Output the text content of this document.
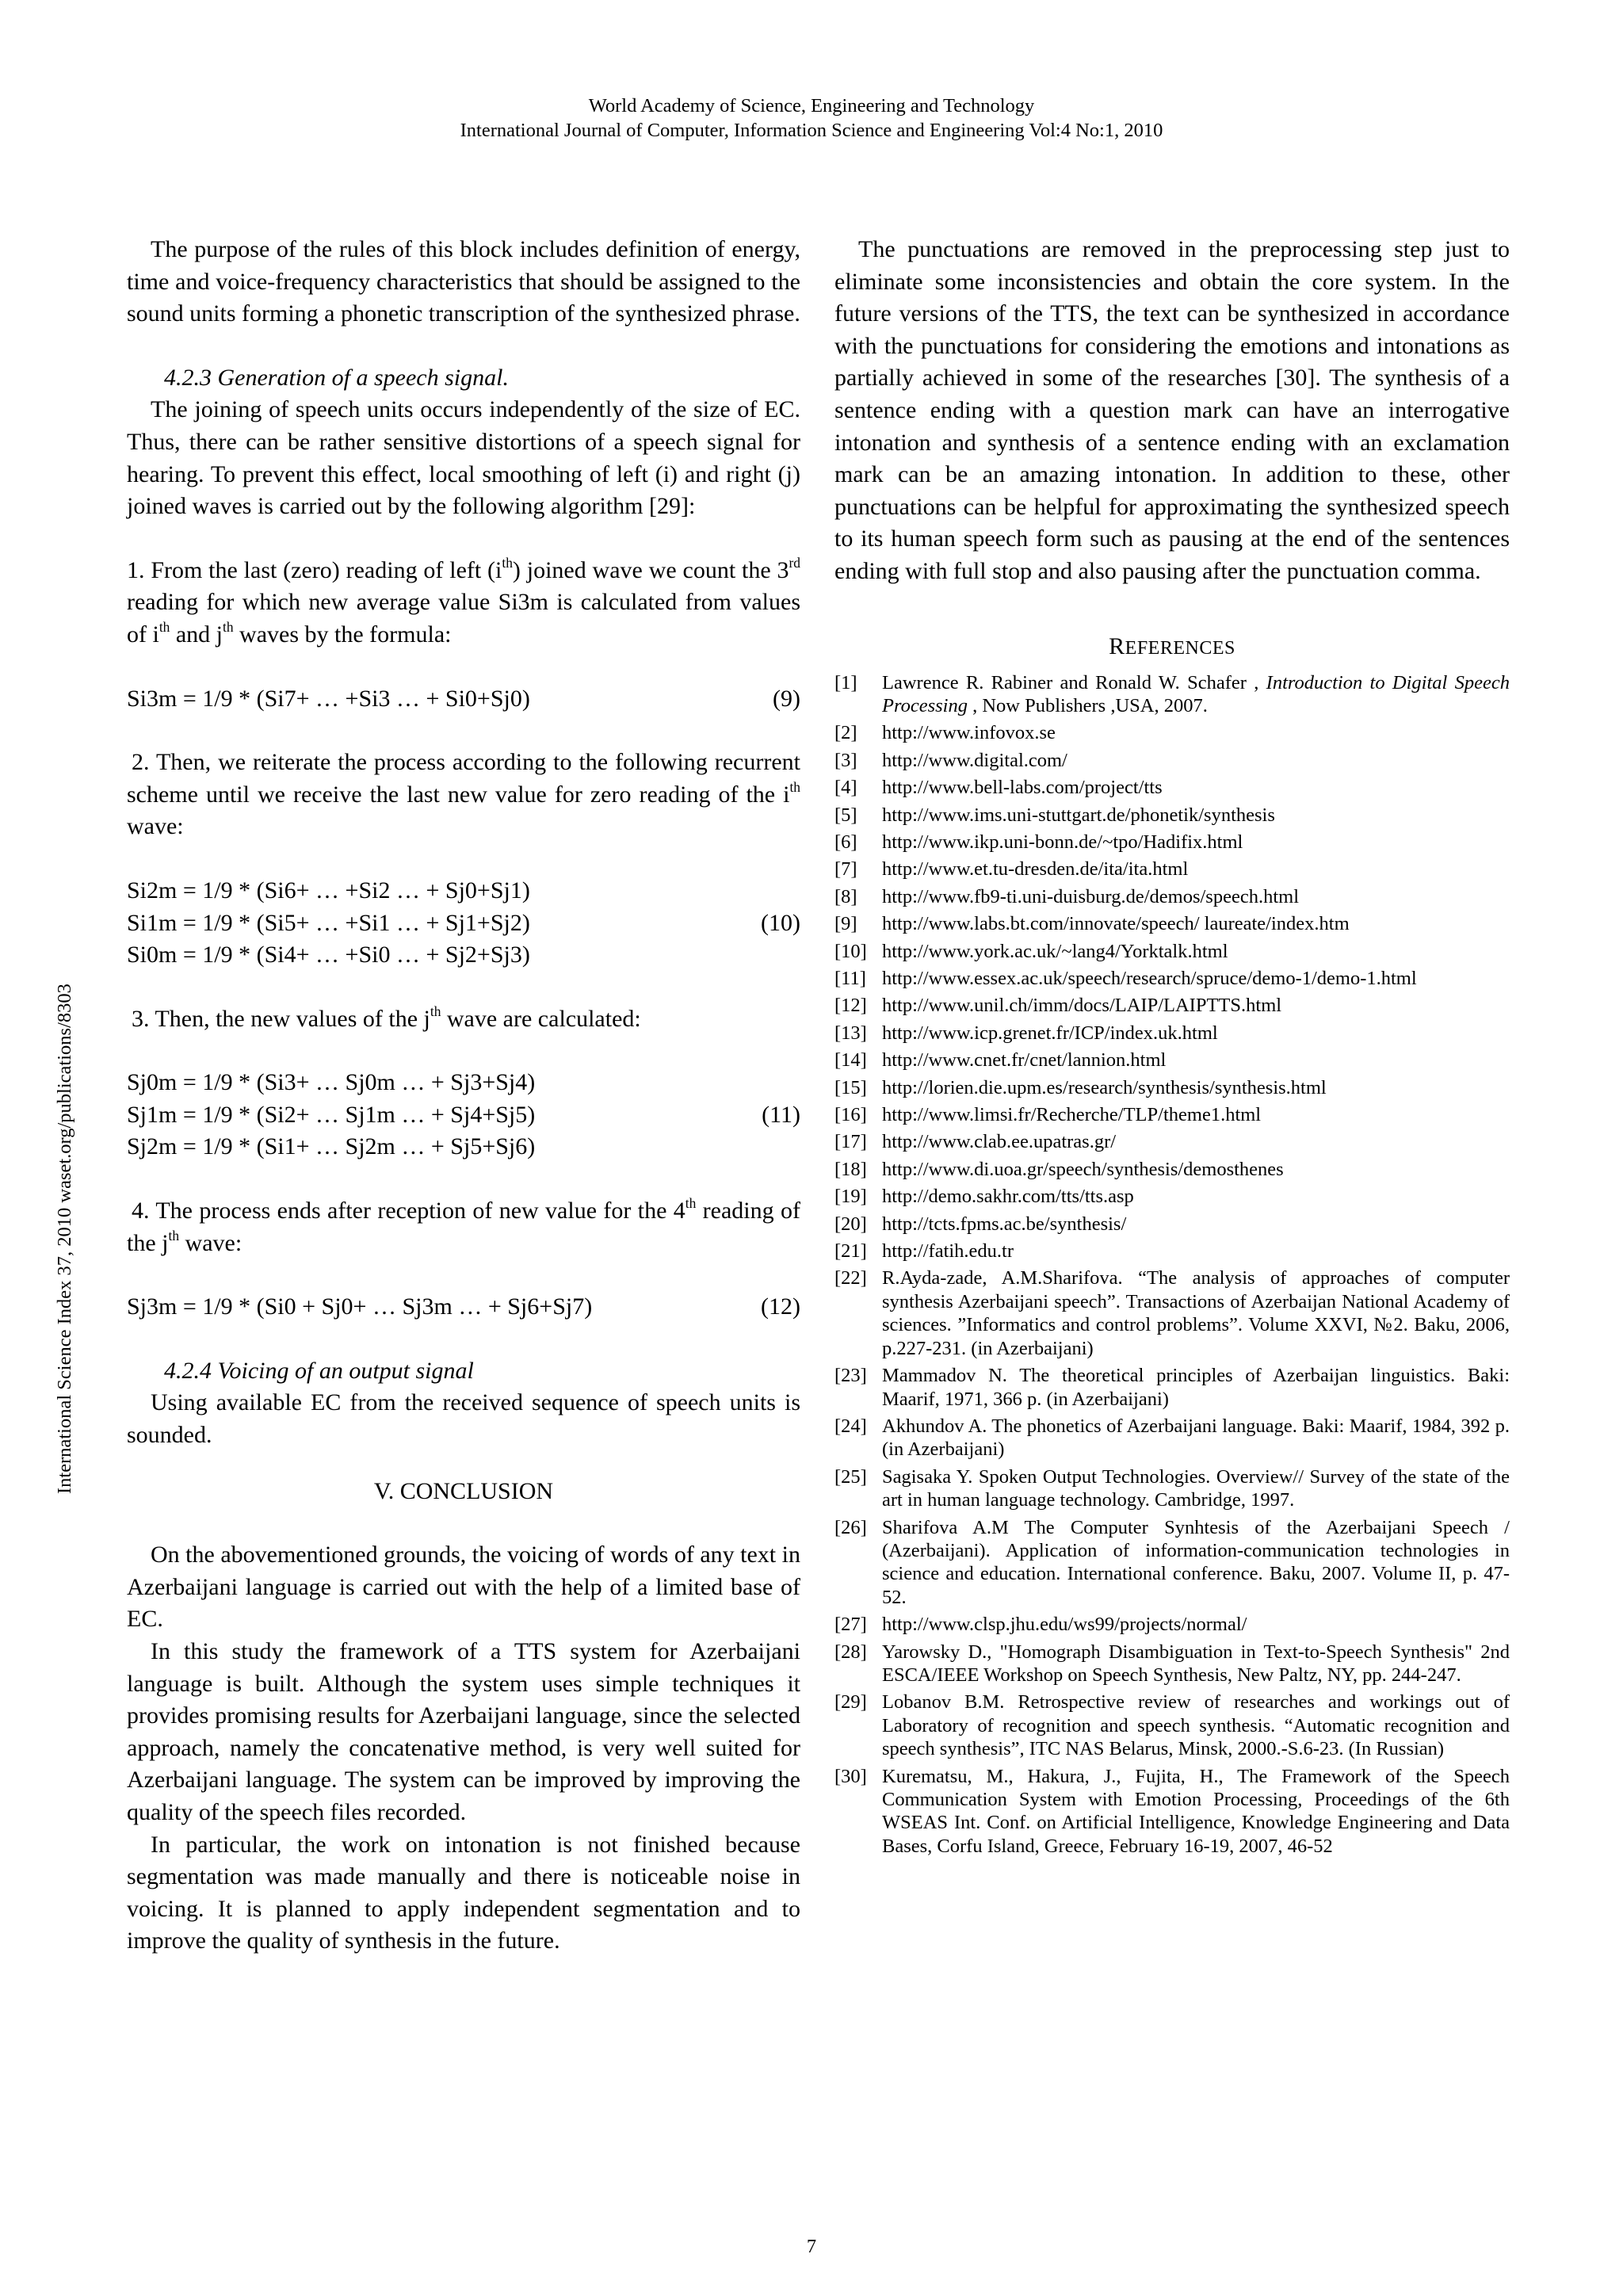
World Academy of Science, Engineering and Technology
International Journal of Computer, Information Science and Engineering Vol:4 No:1, 2010
International Science Index 37, 2010 waset.org/publications/8303

The purpose of the rules of this block includes definition of energy, time and voice-frequency characteristics that should be assigned to the sound units forming a phonetic transcription of the synthesized phrase.

4.2.3 Generation of a speech signal.

The joining of speech units occurs independently of the size of EC. Thus, there can be rather sensitive distortions of a speech signal for hearing. To prevent this effect, local smoothing of left (i) and right (j) joined waves is carried out by the following algorithm [29]:

1. From the last (zero) reading of left $(i^{th})$ joined wave we count the 3rd reading for which new average value Si3m is calculated from values of $i^{th}$ and $j^{th}$ waves by the formula:

Si3m = 1/9 * (Si7+ … +Si3 … + Si0+Sj0)	(9)

2. Then, we reiterate the process according to the following recurrent scheme until we receive the last new value for zero reading of the $i^{th}$ wave:

Si2m = 1/9 * (Si6+ … +Si2 … + Sj0+Sj1)
Si1m = 1/9 * (Si5+ … +Si1 … + Sj1+Sj2)
Si0m = 1/9 * (Si4+ … +Si0 … + Sj2+Sj3)
(10)

3. Then, the new values of the $j^{th}$ wave are calculated:

Sj0m = 1/9 * (Si3+ … Sj0m … + Sj3+Sj4)
Sj1m = 1/9 * (Si2+ … Sj1m … + Sj4+Sj5)
Sj2m = 1/9 * (Si1+ … Sj2m … + Sj5+Sj6)
(11)

4. The process ends after reception of new value for the 4th reading of the $j^{th}$ wave:

Sj3m = 1/9 * (Si0 + Sj0+ … Sj3m … + Sj6+Sj7)	(12)

4.2.4 Voicing of an output signal

Using available EC from the received sequence of speech units is sounded.

V. CONCLUSION

On the abovementioned grounds, the voicing of words of any text in Azerbaijani language is carried out with the help of a limited base of EC.

In this study the framework of a TTS system for Azerbaijani language is built. Although the system uses simple techniques it provides promising results for Azerbaijani language, since the selected approach, namely the concatenative method, is very well suited for Azerbaijani language. The system can be improved by improving the quality of the speech files recorded.

In particular, the work on intonation is not finished because segmentation was made manually and there is noticeable noise in voicing. It is planned to apply independent segmentation and to improve the quality of synthesis in the future.

The punctuations are removed in the preprocessing step just to eliminate some inconsistencies and obtain the core system. In the future versions of the TTS, the text can be synthesized in accordance with the punctuations for considering the emotions and intonations as partially achieved in some of the researches [30]. The synthesis of a sentence ending with a question mark can have an interrogative intonation and synthesis of a sentence ending with an exclamation mark can be an amazing intonation. In addition to these, other punctuations can be helpful for approximating the synthesized speech to its human speech form such as pausing at the end of the sentences ending with full stop and also pausing after the punctuation comma.

REFERENCES
[1]	Lawrence R. Rabiner and Ronald W. Schafer , Introduction to Digital Speech Processing , Now Publishers ,USA, 2007.
[2]	http://www.infovox.se
[3]	http://www.digital.com/
[4]	http://www.bell-labs.com/project/tts
[5]	http://www.ims.uni-stuttgart.de/phonetik/synthesis
[6]	http://www.ikp.uni-bonn.de/~tpo/Hadifix.html
[7]	http://www.et.tu-dresden.de/ita/ita.html
[8]	http://www.fb9-ti.uni-duisburg.de/demos/speech.html
[9]	http://www.labs.bt.com/innovate/speech/ laureate/index.htm
[10] http://www.york.ac.uk/~lang4/Yorktalk.html
[11] http://www.essex.ac.uk/speech/research/spruce/demo-1/demo-1.html
[12] http://www.unil.ch/imm/docs/LAIP/LAIPTTS.html
[13] http://www.icp.grenet.fr/ICP/index.uk.html
[14] http://www.cnet.fr/cnet/lannion.html
[15] http://lorien.die.upm.es/research/synthesis/synthesis.html
[16] http://www.limsi.fr/Recherche/TLP/theme1.html
[17] http://www.clab.ee.upatras.gr/
[18] http://www.di.uoa.gr/speech/synthesis/demosthenes
[19] http://demo.sakhr.com/tts/tts.asp
[20] http://tcts.fpms.ac.be/synthesis/
[21] http://fatih.edu.tr
[22] R.Ayda-zade, A.M.Sharifova. “The analysis of approaches of computer synthesis Azerbaijani speech”. Transactions of Azerbaijan National Academy of sciences. ”Informatics and control problems”. Volume XXVI, №2. Baku, 2006, p.227-231. (in Azerbaijani)
[23] Mammadov N. The theoretical principles of Azerbaijan linguistics. Baki: Maarif, 1971, 366 p. (in Azerbaijani)
[24] Akhundov A. The phonetics of Azerbaijani language. Baki: Maarif, 1984, 392 p. (in Azerbaijani)
[25] Sagisaka Y. Spoken Output Technologies. Overview// Survey of the state of the art in human language technology. Cambridge, 1997.
[26] Sharifova A.M The Computer Synhtesis of the Azerbaijani Speech / (Azerbaijani). Application of information-communication technologies in science and education. International conference. Baku, 2007. Volume II, p. 47-52.
[27] http://www.clsp.jhu.edu/ws99/projects/normal/
[28] Yarowsky D., "Homograph Disambiguation in Text-to-Speech Synthesis" 2nd ESCA/IEEE Workshop on Speech Synthesis, New Paltz, NY, pp. 244-247.
[29] Lobanov B.M. Retrospective review of researches and workings out of Laboratory of recognition and speech synthesis. “Automatic recognition and speech synthesis”, ITC NAS Belarus, Minsk, 2000.-S.6-23. (In Russian)
[30] Kurematsu, M., Hakura, J., Fujita, H., The Framework of the Speech Communication System with Emotion Processing, Proceedings of the 6th WSEAS Int. Conf. on Artificial Intelligence, Knowledge Engineering and Data Bases, Corfu Island, Greece, February 16-19, 2007, 46-52
7
